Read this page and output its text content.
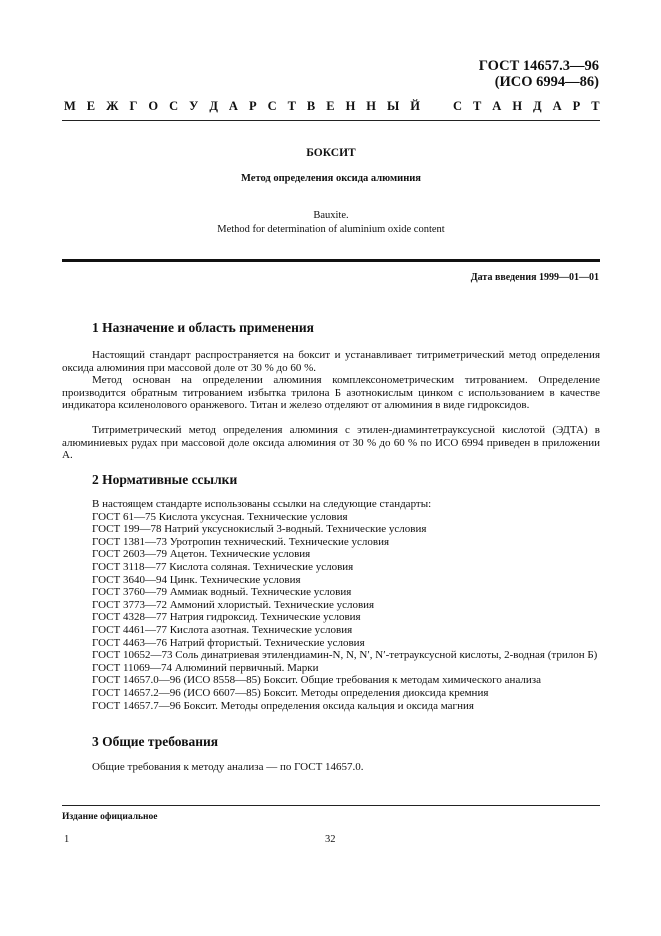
ГОСТ 14657.3—96
(ИСО 6994—86)
М Е Ж Г О С У Д А Р С Т В Е Н Н Ы Й	С Т А Н Д А Р Т
БОКСИТ
Метод определения оксида алюминия
Bauxite.
Method for determination of aluminium oxide content
Дата введения 1999—01—01
1 Назначение и область применения
Настоящий стандарт распространяется на боксит и устанавливает титриметрический метод определения оксида алюминия при массовой доле от 30 % до 60 %.
Метод основан на определении алюминия комплексонометрическим титрованием. Определение производится обратным титрованием избытка трилона Б азотнокислым цинком с использованием в качестве индикатора ксиленолового оранжевого. Титан и железо отделяют от алюминия в виде гидроксидов.
Титриметрический метод определения алюминия с этилен-диаминтетрауксусной кислотой (ЭДТА) в алюминиевых рудах при массовой доле оксида алюминия от 30 % до 60 % по ИСО 6994 приведен в приложении А.
2 Нормативные ссылки
В настоящем стандарте использованы ссылки на следующие стандарты:
ГОСТ 61—75 Кислота уксусная. Технические условия
ГОСТ 199—78 Натрий уксуснокислый 3-водный. Технические условия
ГОСТ 1381—73 Уротропин технический. Технические условия
ГОСТ 2603—79 Ацетон. Технические условия
ГОСТ 3118—77 Кислота соляная. Технические условия
ГОСТ 3640—94 Цинк. Технические условия
ГОСТ 3760—79 Аммиак водный. Технические условия
ГОСТ 3773—72 Аммоний хлористый. Технические условия
ГОСТ 4328—77 Натрия гидроксид. Технические условия
ГОСТ 4461—77 Кислота азотная. Технические условия
ГОСТ 4463—76 Натрий фтористый. Технические условия
ГОСТ 10652—73 Соль динатриевая этилендиамин-N, N, N′, N′-тетрауксусной кислоты, 2-водная (трилон Б)
ГОСТ 11069—74 Алюминий первичный. Марки
ГОСТ 14657.0—96 (ИСО 8558—85) Боксит. Общие требования к методам химического анализа
ГОСТ 14657.2—96 (ИСО 6607—85) Боксит. Методы определения диоксида кремния
ГОСТ 14657.7—96 Боксит. Методы определения оксида кальция и оксида магния
3 Общие требования
Общие требования к методу анализа — по ГОСТ 14657.0.
Издание официальное
1	32
